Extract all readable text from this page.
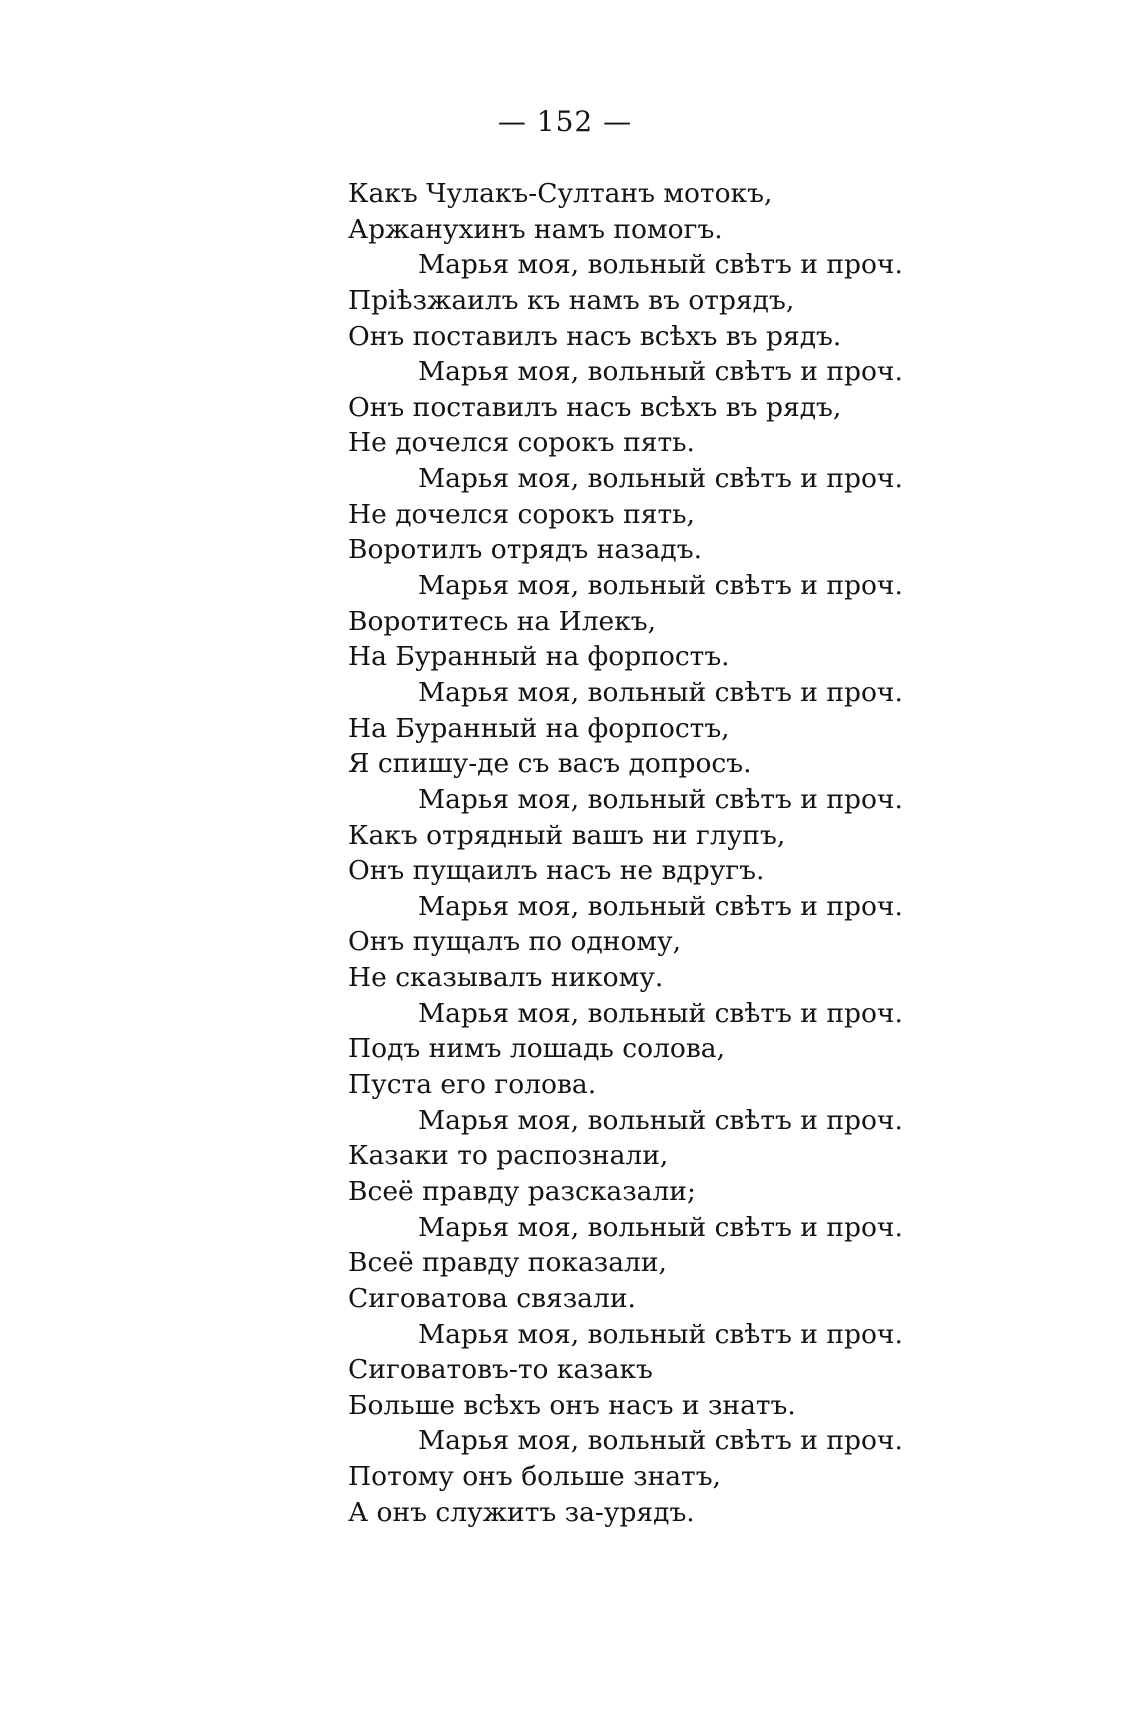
— 152 —
Какъ Чулакъ-Султанъ мотокъ,
Аржанухинъ намъ помогъ.
Марья моя, вольный свѣтъ и проч.
Пріѣзжаилъ къ намъ въ отрядъ,
Онъ поставилъ насъ всѣхъ въ рядъ.
Марья моя, вольный свѣтъ и проч.
Онъ поставилъ насъ всѣхъ въ рядъ,
Не дочелся сорокъ пять.
Марья моя, вольный свѣтъ и проч.
Не дочелся сорокъ пять,
Воротилъ отрядъ назадъ.
Марья моя, вольный свѣтъ и проч.
Воротитесь на Илекъ,
На Буранный на форпостъ.
Марья моя, вольный свѣтъ и проч.
На Буранный на форпостъ,
Я спишу-де съ васъ допросъ.
Марья моя, вольный свѣтъ и проч.
Какъ отрядный вашъ ни глупъ,
Онъ пущаилъ насъ не вдругъ.
Марья моя, вольный свѣтъ и проч.
Онъ пущалъ по одному,
Не сказывалъ никому.
Марья моя, вольный свѣтъ и проч.
Подъ нимъ лошадь солова,
Пуста его голова.
Марья моя, вольный свѣтъ и проч.
Казаки то распознали,
Всеё правду разсказали;
Марья моя, вольный свѣтъ и проч.
Всеё правду показали,
Сиговатова связали.
Марья моя, вольный свѣтъ и проч.
Сиговатовъ-то казакъ
Больше всѣхъ онъ насъ и знатъ.
Марья моя, вольный свѣтъ и проч.
Потому онъ больше знатъ,
А онъ служитъ за-урядъ.
